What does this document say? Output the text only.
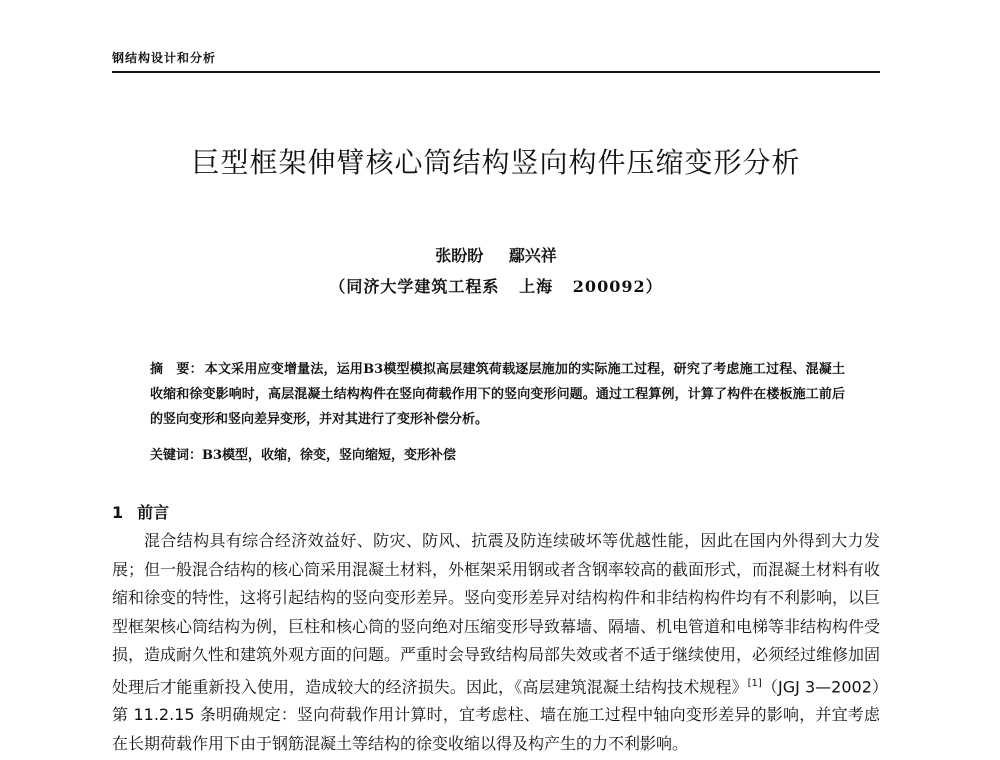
钢结构设计和分析
巨型框架伸臂核心筒结构竖向构件压缩变形分析
张盼盼 鄢兴祥
（同济大学建筑工程系   上海   200092）
摘　要： 本文采用应变增量法，运用B3模型模拟高层建筑荷载逐层施加的实际施工过程，研究了考虑施工过程、混凝土收缩和徐变影响时，高层混凝土结构构件在竖向荷载作用下的竖向变形问题。通过工程算例，计算了构件在楼板施工前后的竖向变形和竖向差异变形，并对其进行了变形补偿分析。
关键词：B3模型，收缩，徐变，竖向缩短，变形补偿
1 前言
混合结构具有综合经济效益好、防灾、防风、抗震及防连续破坏等优越性能，因此在国内外得到大力发展；但一般混合结构的核心筒采用混凝土材料，外框架采用钢或者含钢率较高的截面形式，而混凝土材料有收缩和徐变的特性，这将引起结构的竖向变形差异。竖向变形差异对结构构件和非结构构件均有不利影响，以巨型框架核心筒结构为例，巨柱和核心筒的竖向绝对压缩变形导致幕墙、隔墙、机电管道和电梯等非结构构件受损，造成耐久性和建筑外观方面的问题。严重时会导致结构局部失效或者不适于继续使用，必须经过维修加固处理后才能重新投入使用，造成较大的经济损失。因此，《高层建筑混凝土结构技术规程》[1]（JGJ 3—2002）第 11.2.15 条明确规定：竖向荷载作用计算时，宜考虑柱、墙在施工过程中轴向变形差异的影响，并宜考虑在长期荷载作用下由于钢筋混凝土等结构的徐变收缩以得及构产生的力不利影响。
